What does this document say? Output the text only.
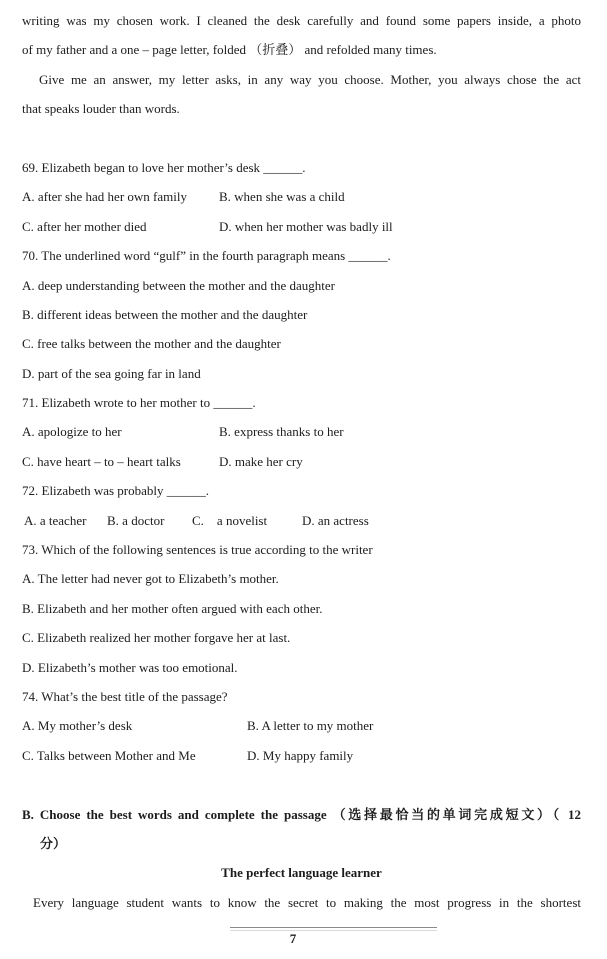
writing was my chosen work. I cleaned the desk carefully and found some papers inside, a photo
of my father and a one – page letter, folded （折叠） and refolded many times.
Give me an answer, my letter asks, in any way you choose. Mother, you always chose the act
that speaks louder than words.
69. Elizabeth began to love her mother’s desk ______.
A. after she had her own family B. when she was a child
C. after her mother died	D. when her mother was badly ill
70. The underlined word “gulf” in the fourth paragraph means ______.
A. deep understanding between the mother and the daughter
B. different ideas between the mother and the daughter
C. free talks between the mother and the daughter
D. part of the sea going far in land
71. Elizabeth wrote to her mother to ______.
A. apologize to her	B. express thanks to her
C. have heart – to – heart talks	D. make her cry
72. Elizabeth was probably ______.
A. a teacher B. a doctor C.    a novelist	D. an actress
73. Which of the following sentences is true according to the writer
A. The letter had never got to Elizabeth’s mother.
B. Elizabeth and her mother often argued with each other.
C. Elizabeth realized her mother forgave her at last.
D. Elizabeth’s mother was too emotional.
74. What’s the best title of the passage?
A. My mother’s desk	B. A letter to my mother
C. Talks between Mother and Me	D. My happy family
B. Choose the best words and complete the passage （选择最恰当的单词完成短文）（ 12
分）
The perfect language learner
Every language student wants to know the secret to making the most progress in the shortest
7
